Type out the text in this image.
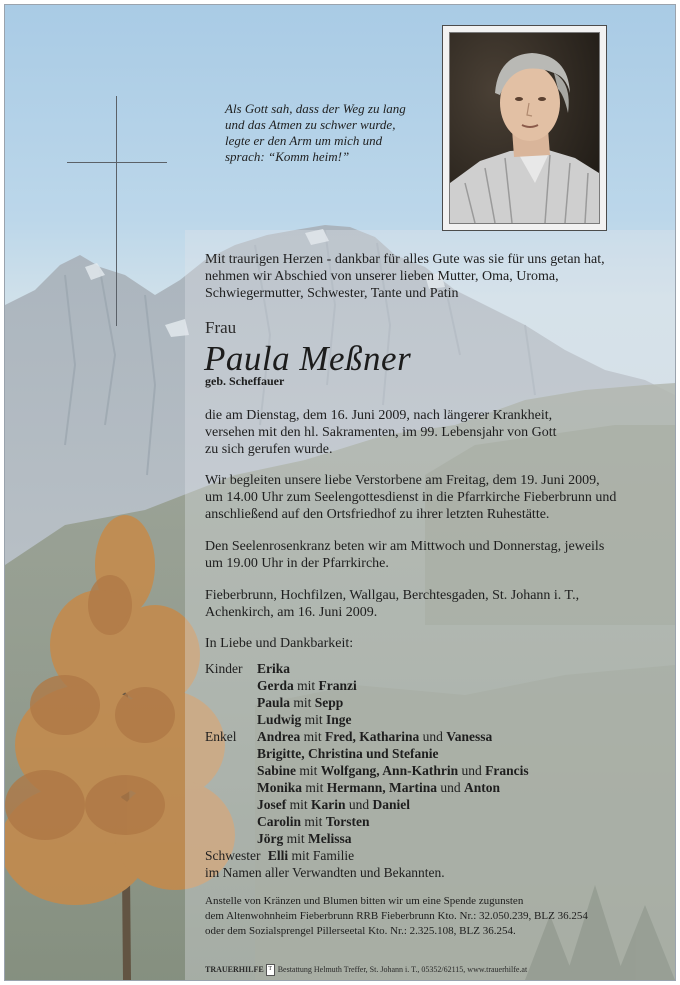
Als Gott sah, dass der Weg zu lang
und das Atmen zu schwer wurde,
legte er den Arm um mich und
sprach: “Komm heim!”
Mit traurigen Herzen - dankbar für alles Gute was sie für uns getan hat,
nehmen wir Abschied von unserer lieben Mutter, Oma, Uroma,
Schwiegermutter, Schwester, Tante und Patin
Frau
Paula Meßner
geb. Scheffauer
die am Dienstag, dem 16. Juni 2009, nach längerer Krankheit,
versehen mit den hl. Sakramenten, im 99. Lebensjahr von Gott
zu sich gerufen wurde.
Wir begleiten unsere liebe Verstorbene am Freitag, dem 19. Juni 2009,
um 14.00 Uhr zum Seelengottesdienst in die Pfarrkirche Fieberbrunn und
anschließend auf den Ortsfriedhof zu ihrer letzten Ruhestätte.
Den Seelenrosenkranz beten wir am Mittwoch und Donnerstag, jeweils
um 19.00 Uhr in der Pfarrkirche.
Fieberbrunn, Hochfilzen, Wallgau, Berchtesgaden, St. Johann i. T.,
Achenkirch, am 16. Juni 2009.
In Liebe und Dankbarkeit:
Kinder Erika
Gerda mit Franzi
Paula mit Sepp
Ludwig mit Inge
Enkel Andrea mit Fred, Katharina und Vanessa
Brigitte, Christina und Stefanie
Sabine mit Wolfgang, Ann-Kathrin und Francis
Monika mit Hermann, Martina und Anton
Josef mit Karin und Daniel
Carolin mit Torsten
Jörg mit Melissa
Schwester Elli mit Familie
im Namen aller Verwandten und Bekannten.
Anstelle von Kränzen und Blumen bitten wir um eine Spende zugunsten
dem Altenwohnheim Fieberbrunn RRB Fieberbrunn Kto. Nr.: 32.050.239, BLZ 36.254
oder dem Sozialsprengel Pillerseetal Kto. Nr.: 2.325.108, BLZ 36.254.
TRAUERHILFE T Bestattung Helmuth Treffer, St. Johann i. T., 05352/62115, www.trauerhilfe.at
